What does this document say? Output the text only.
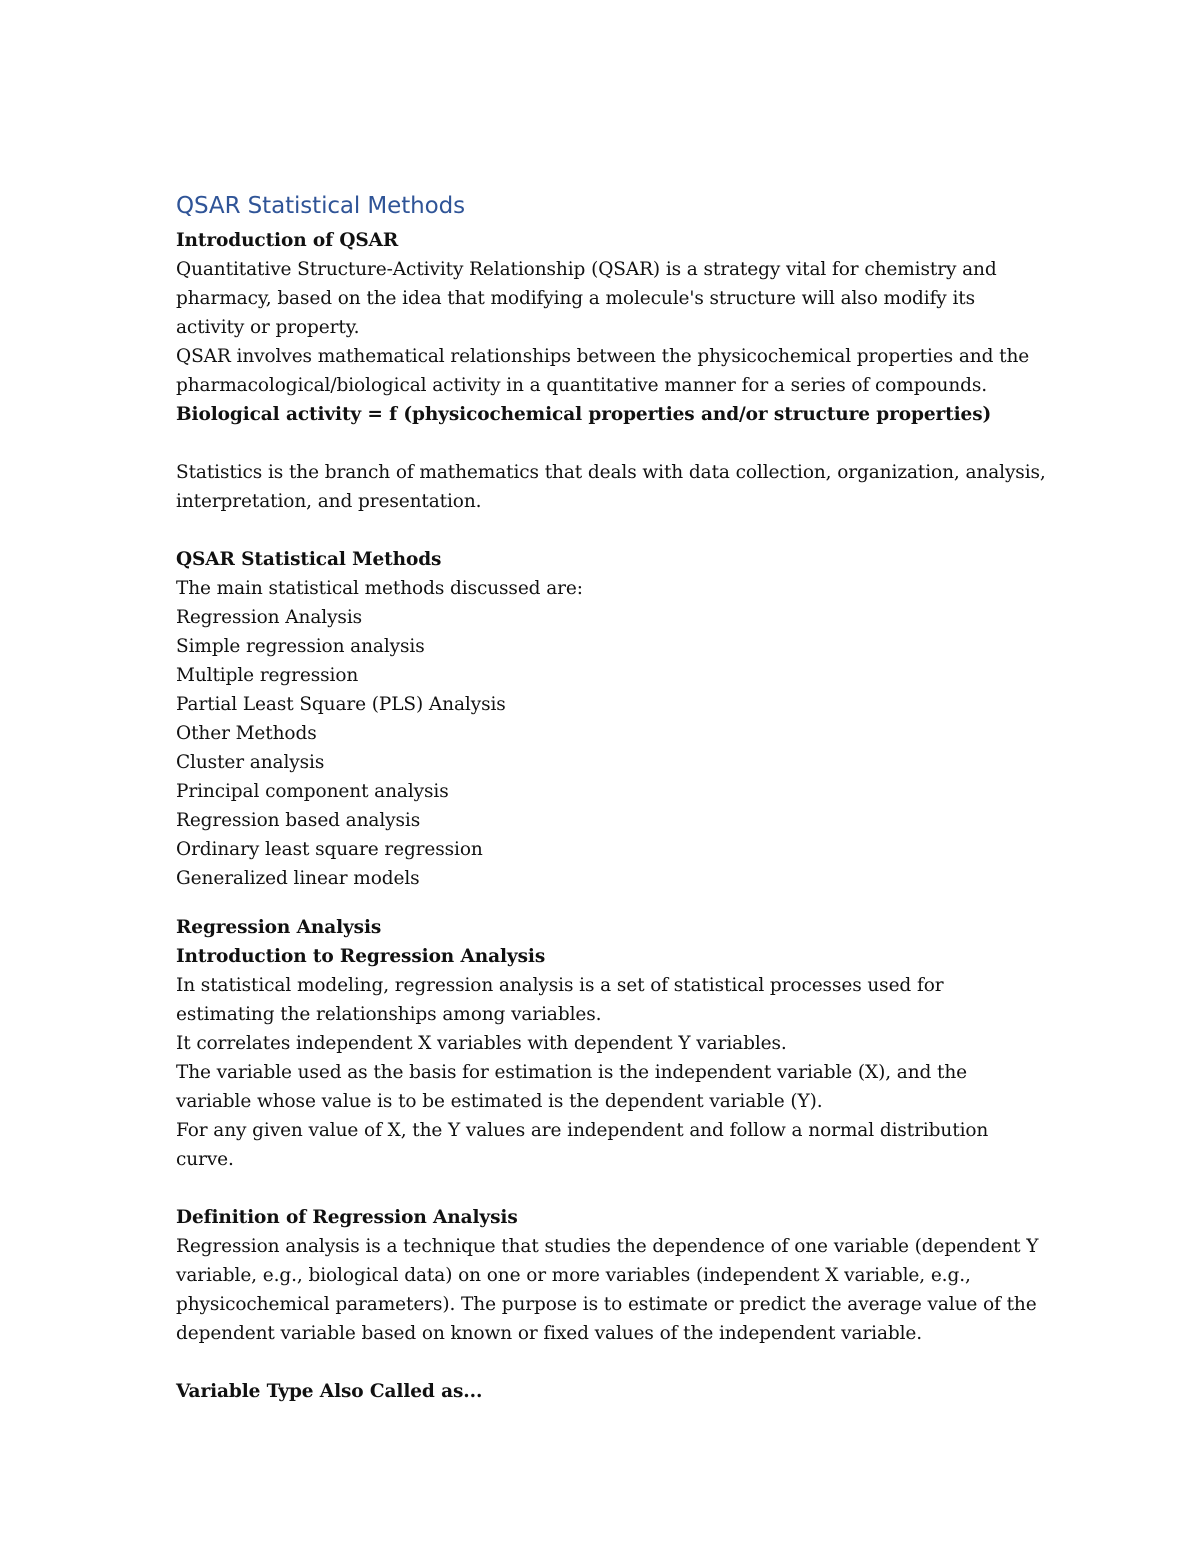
QSAR Statistical Methods

Introduction of QSAR

Quantitative Structure-Activity Relationship (QSAR) is a strategy vital for chemistry and pharmacy, based on the idea that modifying a molecule's structure will also modify its activity or property.

QSAR involves mathematical relationships between the physicochemical properties and the pharmacological/biological activity in a quantitative manner for a series of compounds.

Biological activity = f (physicochemical properties and/or structure properties)

Statistics is the branch of mathematics that deals with data collection, organization, analysis, interpretation, and presentation.

QSAR Statistical Methods

The main statistical methods discussed are:

Regression Analysis

Simple regression analysis

Multiple regression

Partial Least Square (PLS) Analysis

Other Methods

Cluster analysis

Principal component analysis

Regression based analysis

Ordinary least square regression

Generalized linear models

Regression Analysis

Introduction to Regression Analysis

In statistical modeling, regression analysis is a set of statistical processes used for estimating the relationships among variables.

It correlates independent X variables with dependent Y variables.

The variable used as the basis for estimation is the independent variable (X), and the variable whose value is to be estimated is the dependent variable (Y).

For any given value of X, the Y values are independent and follow a normal distribution curve.

Definition of Regression Analysis

Regression analysis is a technique that studies the dependence of one variable (dependent Y variable, e.g., biological data) on one or more variables (independent X variable, e.g., physicochemical parameters). The purpose is to estimate or predict the average value of the dependent variable based on known or fixed values of the independent variable.

Variable Type Also Called as...
